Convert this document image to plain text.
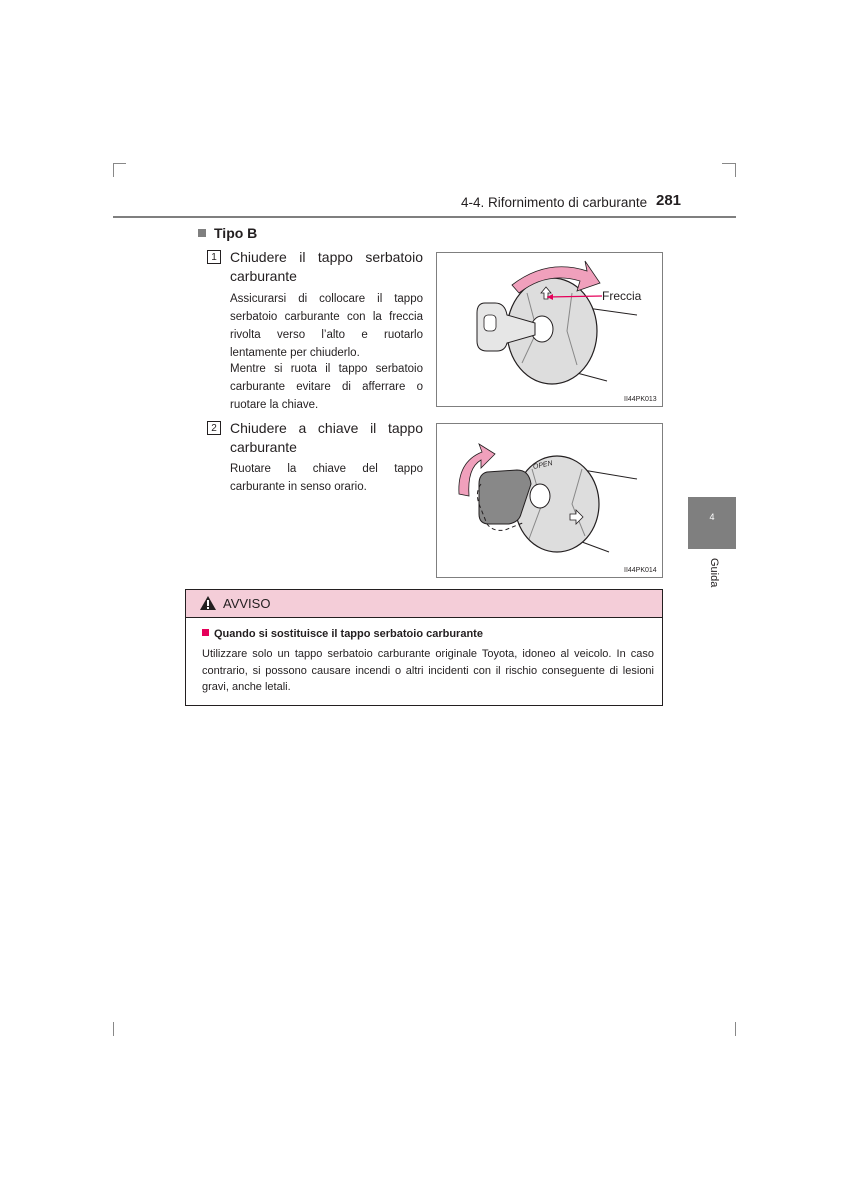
4-4. Rifornimento di carburante 281
Tipo B
1 Chiudere il tappo serbatoio carburante
Assicurarsi di collocare il tappo serbatoio carburante con la freccia rivolta verso l’alto e ruotarlo lentamente per chiuderlo.
Mentre si ruota il tappo serbatoio carburante evitare di afferrare o ruotare la chiave.
2 Chiudere a chiave il tappo carburante
Ruotare la chiave del tappo carburante in senso orario.
Freccia
II44PK013
OPEN
II44PK014
4
Guida
AVVISO
Quando si sostituisce il tappo serbatoio carburante
Utilizzare solo un tappo serbatoio carburante originale Toyota, idoneo al veicolo. In caso contrario, si possono causare incendi o altri incidenti con il rischio conseguente di lesioni gravi, anche letali.
